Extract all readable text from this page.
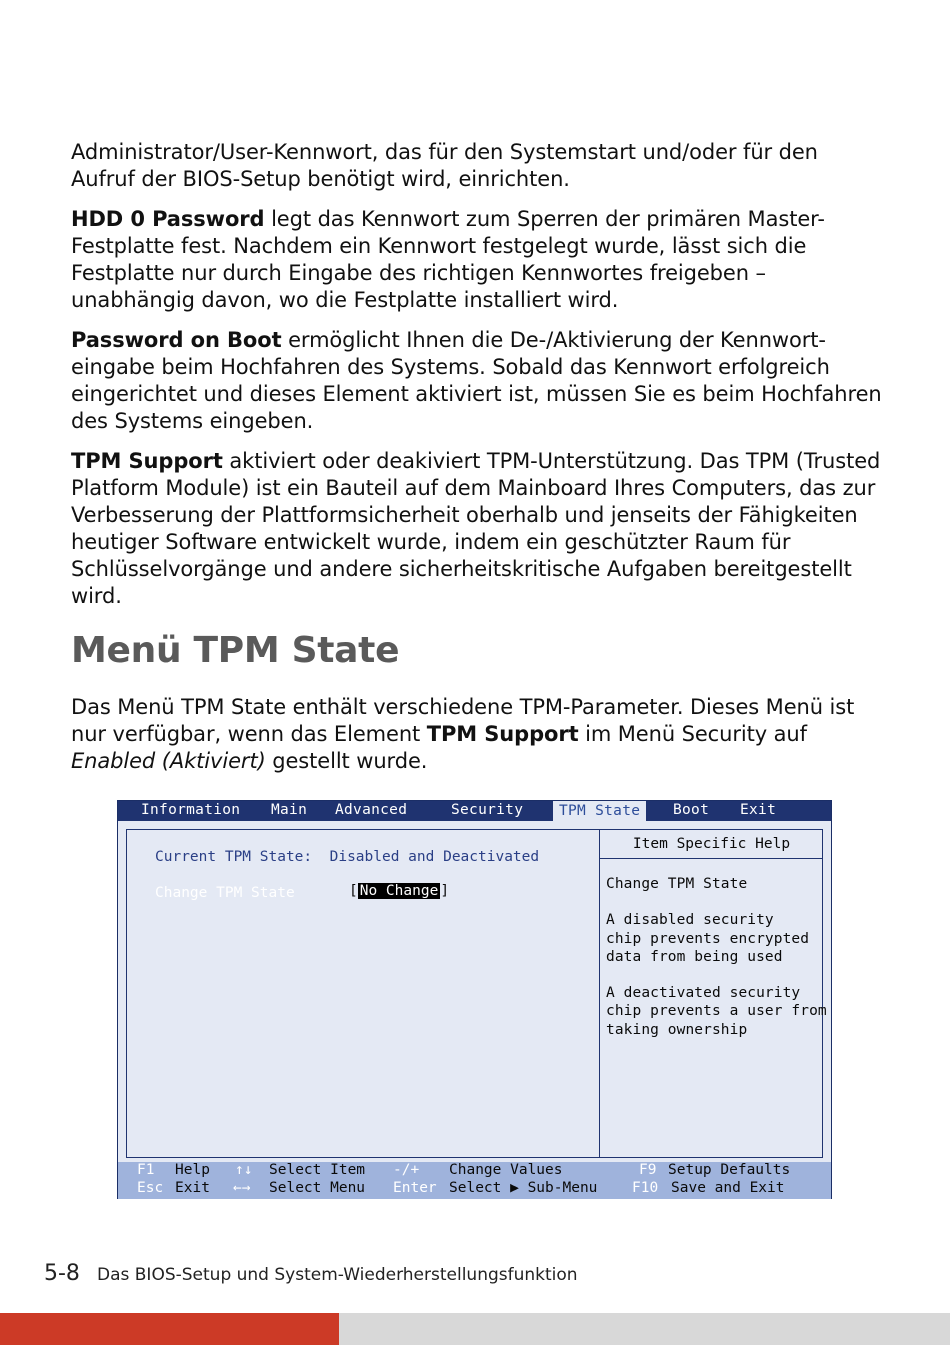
Administrator/User-Kennwort, das für den Systemstart und/oder für den Aufruf der BIOS-Setup benötigt wird, einrichten.

HDD 0 Password legt das Kennwort zum Sperren der primären Master-Festplatte fest. Nachdem ein Kennwort festgelegt wurde, lässt sich die Festplatte nur durch Eingabe des richtigen Kennwortes freigeben – unabhängig davon, wo die Festplatte installiert wird.

Password on Boot ermöglicht Ihnen die De-/Aktivierung der Kennwort-eingabe beim Hochfahren des Systems. Sobald das Kennwort erfolgreich eingerichtet und dieses Element aktiviert ist, müssen Sie es beim Hochfahren des Systems eingeben.

TPM Support aktiviert oder deakiviert TPM-Unterstützung. Das TPM (Trusted Platform Module) ist ein Bauteil auf dem Mainboard Ihres Computers, das zur Verbesserung der Plattformsicherheit oberhalb und jenseits der Fähigkeiten heutiger Software entwickelt wurde, indem ein geschützter Raum für Schlüsselvorgänge und andere sicherheitskritische Aufgaben bereitgestellt wird.

Menü TPM State

Das Menü TPM State enthält verschiedene TPM-Parameter. Dieses Menü ist nur verfügbar, wenn das Element TPM Support im Menü Security auf Enabled (Aktiviert) gestellt wurde.

Information Main Advanced	Security	TPM State	Boot Exit
Current TPM State: Disabled and Deactivated
Change TPM State	[ No Change ]
Item Specific Help
Change TPM State

A disabled security
chip prevents encrypted
data from being used

A deactivated security
chip prevents a user from
taking ownership
F1 Help ↑↓ Select Item -/+ Change Values	F9 Setup Defaults
Esc Exit ←→ Select Menu Enter Select ▶ Sub-Menu F10 Save and Exit
5-8 Das BIOS-Setup und System-Wiederherstellungsfunktion
